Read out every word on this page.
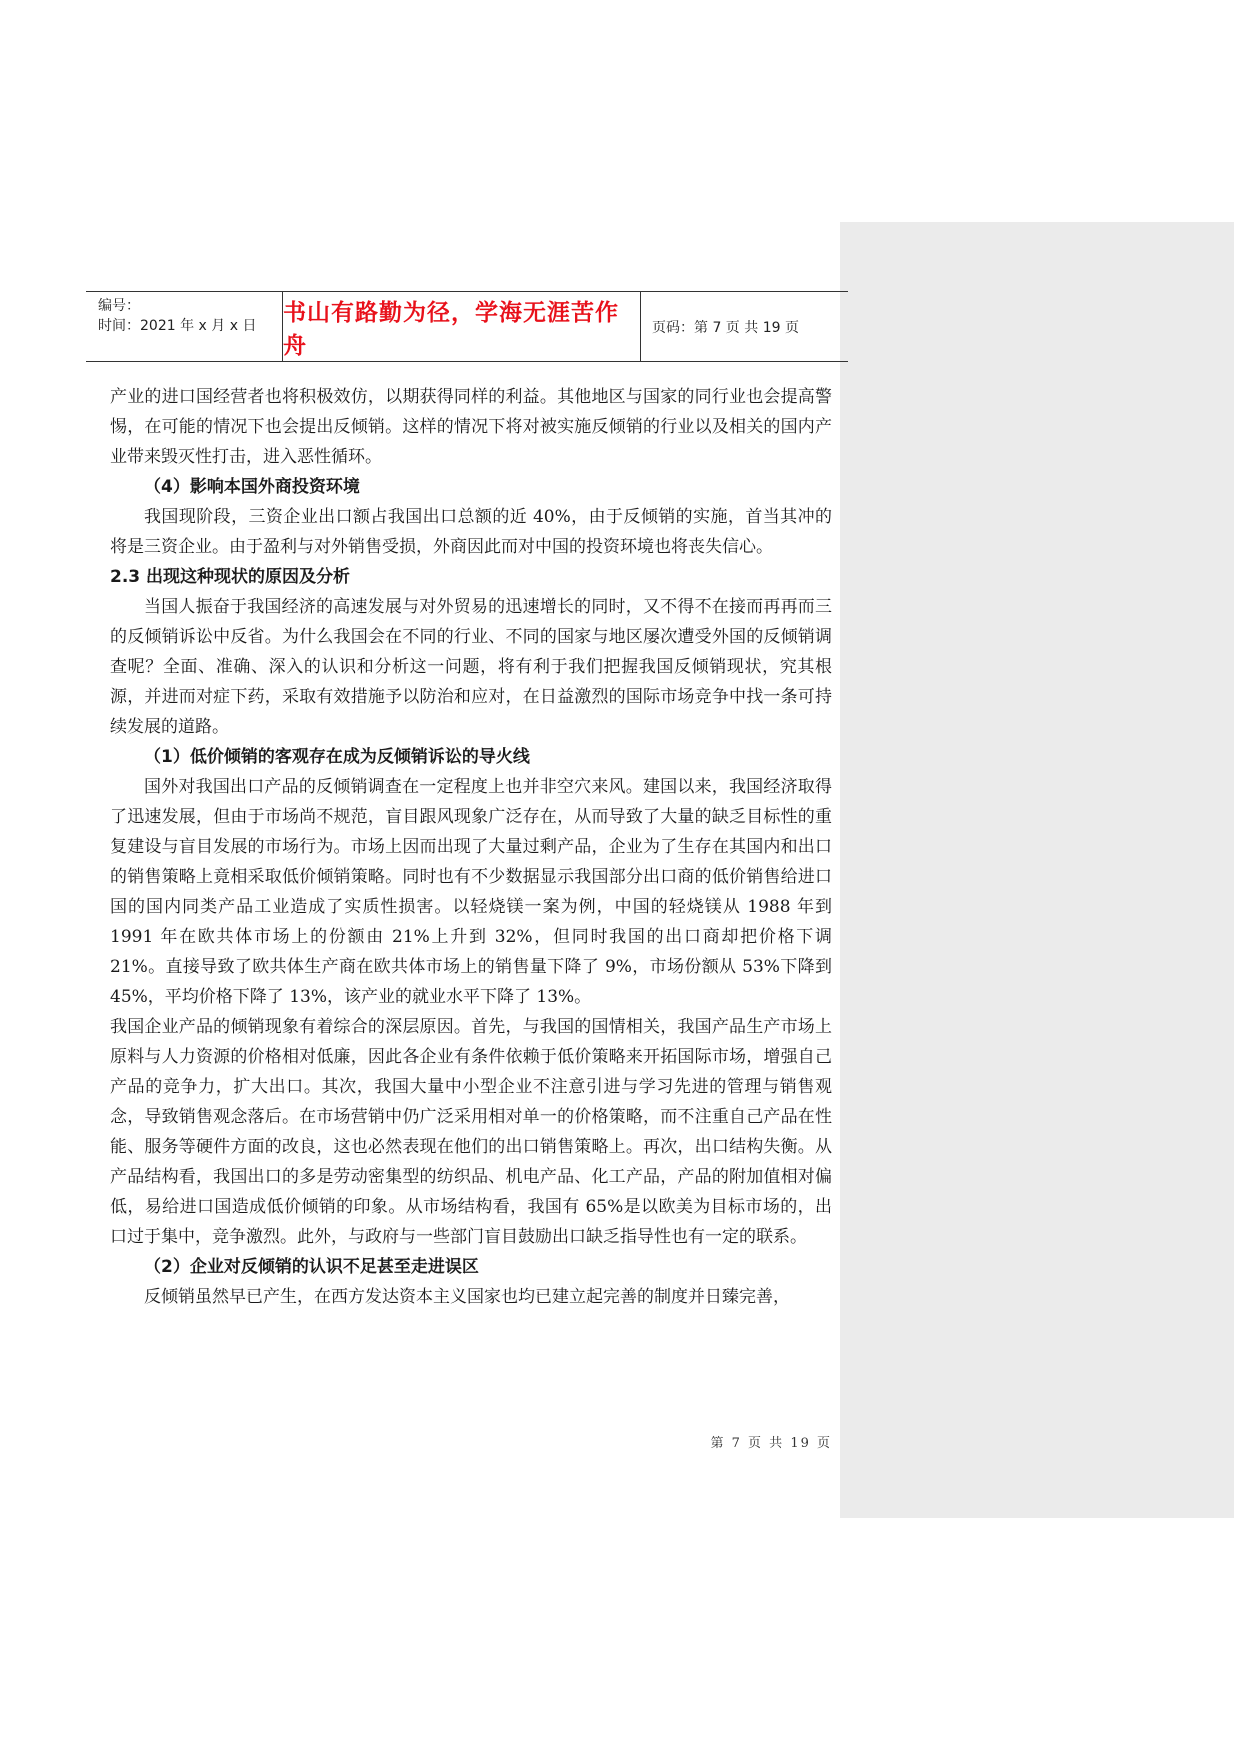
编号：
时间：2021 年 x 月 x 日
书山有路勤为径，学海无涯苦作舟
页码：第 7 页 共 19 页

产业的进口国经营者也将积极效仿，以期获得同样的利益。其他地区与国家的同行业也会提高警惕，在可能的情况下也会提出反倾销。这样的情况下将对被实施反倾销的行业以及相关的国内产业带来毁灭性打击，进入恶性循环。

（4）影响本国外商投资环境

我国现阶段，三资企业出口额占我国出口总额的近 40%，由于反倾销的实施，首当其冲的将是三资企业。由于盈利与对外销售受损，外商因此而对中国的投资环境也将丧失信心。

2.3 出现这种现状的原因及分析

当国人振奋于我国经济的高速发展与对外贸易的迅速增长的同时，又不得不在接而再再而三的反倾销诉讼中反省。为什么我国会在不同的行业、不同的国家与地区屡次遭受外国的反倾销调查呢？全面、准确、深入的认识和分析这一问题，将有利于我们把握我国反倾销现状，究其根源，并进而对症下药，采取有效措施予以防治和应对，在日益激烈的国际市场竞争中找一条可持续发展的道路。

（1）低价倾销的客观存在成为反倾销诉讼的导火线

国外对我国出口产品的反倾销调查在一定程度上也并非空穴来风。建国以来，我国经济取得了迅速发展，但由于市场尚不规范，盲目跟风现象广泛存在，从而导致了大量的缺乏目标性的重复建设与盲目发展的市场行为。市场上因而出现了大量过剩产品，企业为了生存在其国内和出口的销售策略上竟相采取低价倾销策略。同时也有不少数据显示我国部分出口商的低价销售给进口国的国内同类产品工业造成了实质性损害。以轻烧镁一案为例，中国的轻烧镁从 1988 年到 1991 年在欧共体市场上的份额由 21%上升到 32%，但同时我国的出口商却把价格下调 21%。直接导致了欧共体生产商在欧共体市场上的销售量下降了 9%，市场份额从 53%下降到 45%，平均价格下降了 13%，该产业的就业水平下降了 13%。

我国企业产品的倾销现象有着综合的深层原因。首先，与我国的国情相关，我国产品生产市场上原料与人力资源的价格相对低廉，因此各企业有条件依赖于低价策略来开拓国际市场，增强自己产品的竞争力，扩大出口。其次，我国大量中小型企业不注意引进与学习先进的管理与销售观念，导致销售观念落后。在市场营销中仍广泛采用相对单一的价格策略，而不注重自己产品在性能、服务等硬件方面的改良，这也必然表现在他们的出口销售策略上。再次，出口结构失衡。从产品结构看，我国出口的多是劳动密集型的纺织品、机电产品、化工产品，产品的附加值相对偏低，易给进口国造成低价倾销的印象。从市场结构看，我国有 65%是以欧美为目标市场的，出口过于集中，竞争激烈。此外，与政府与一些部门盲目鼓励出口缺乏指导性也有一定的联系。

（2）企业对反倾销的认识不足甚至走进误区

反倾销虽然早已产生，在西方发达资本主义国家也均已建立起完善的制度并日臻完善，

第 7 页 共 19 页
